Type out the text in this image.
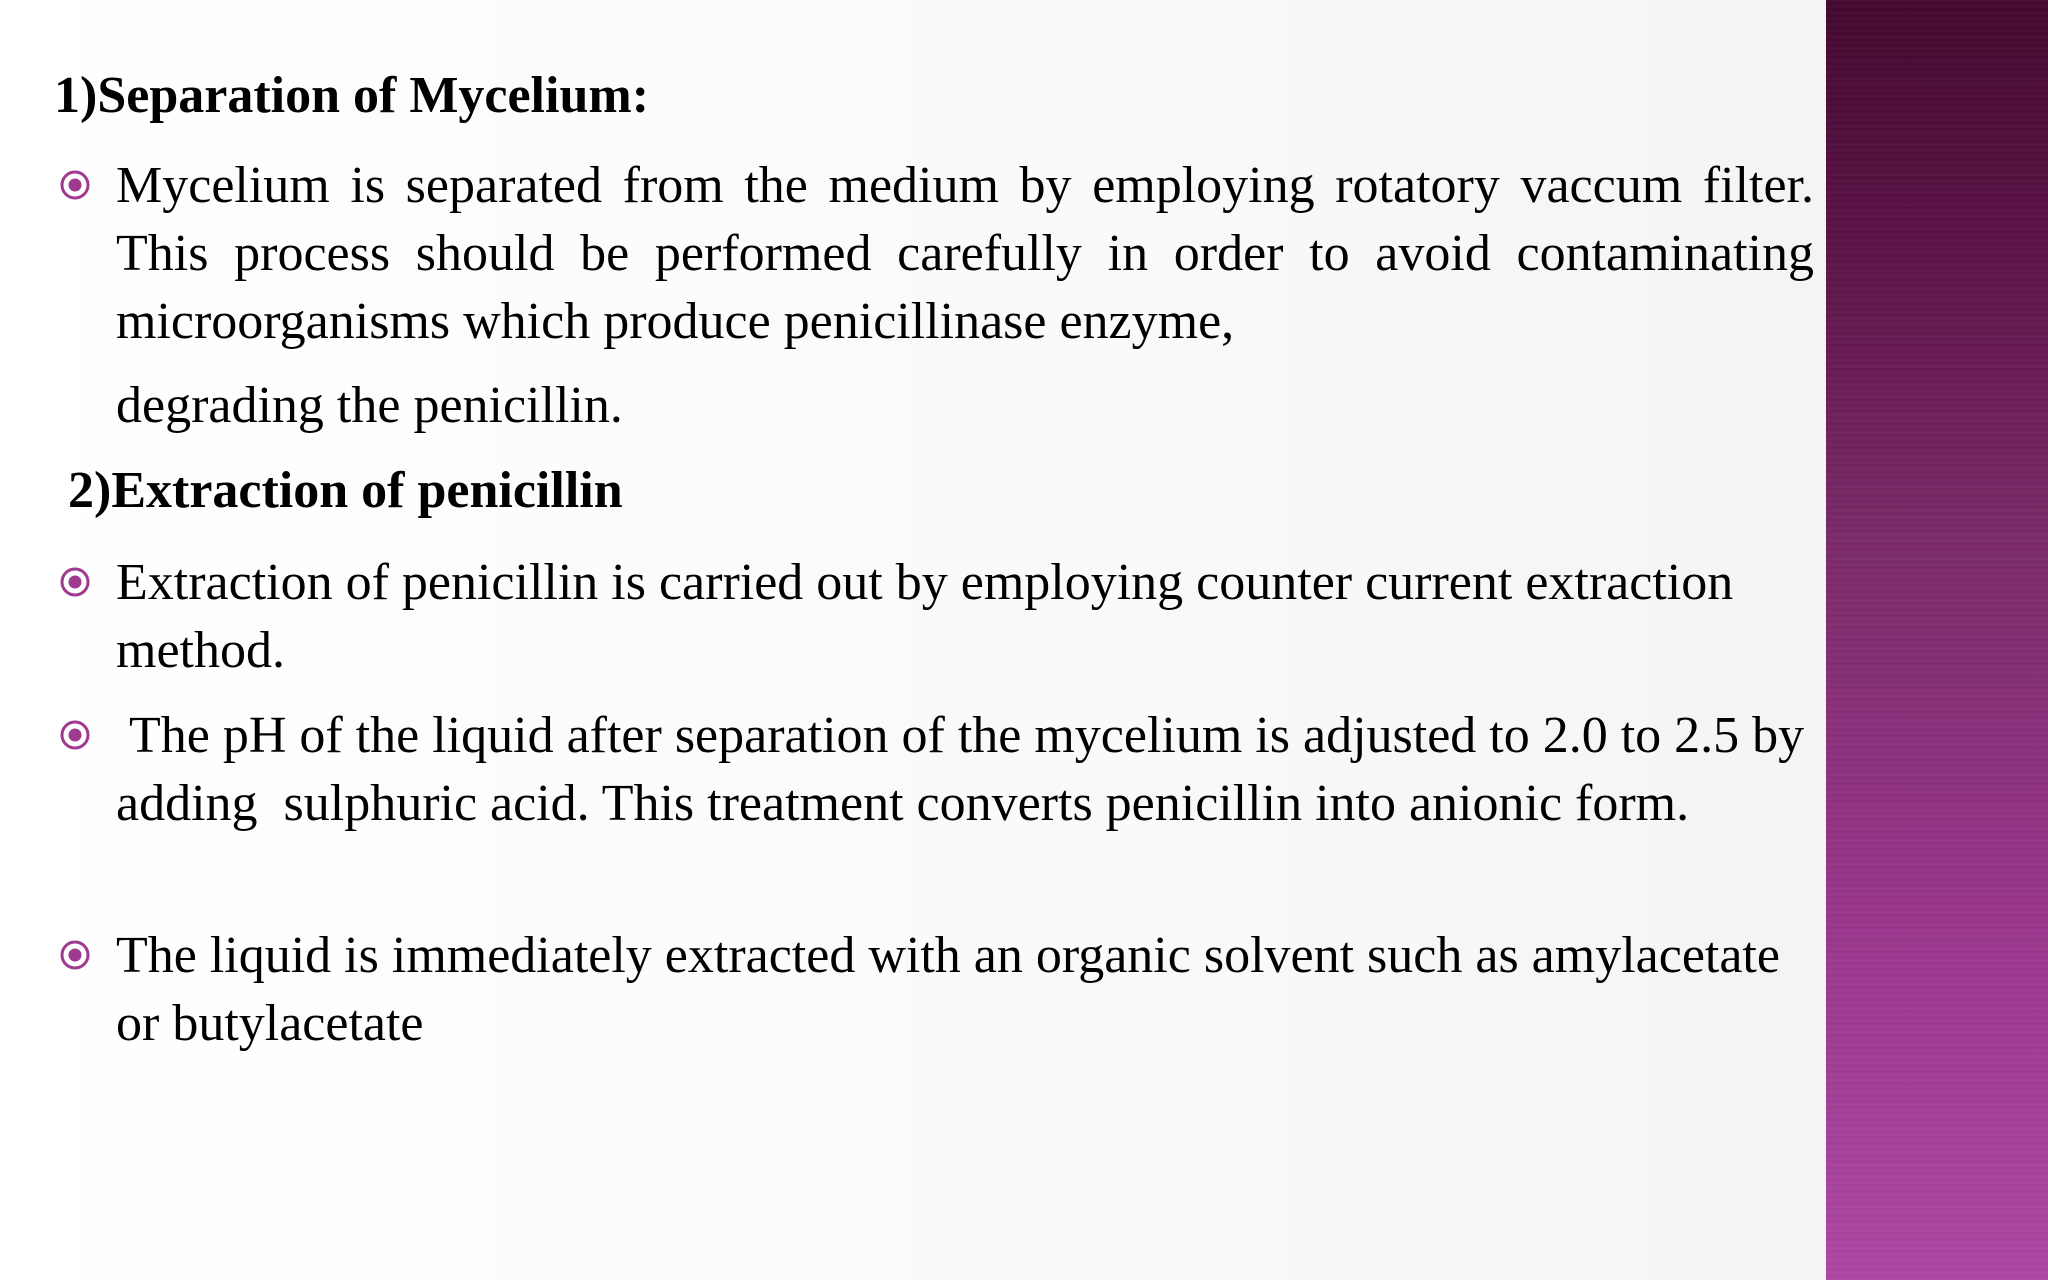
1)Separation of Mycelium:
Mycelium is separated from the medium by employing rotatory vaccum filter. This process should be performed carefully in order to avoid contaminating microorganisms which produce penicillinase enzyme,
degrading the penicillin.
2)Extraction of penicillin
Extraction of penicillin is carried out by employing counter current extraction method.
The pH of the liquid after separation of the mycelium is adjusted to 2.0 to 2.5 by adding  sulphuric acid. This treatment converts penicillin into anionic form.
The liquid is immediately extracted with an organic solvent such as amylacetate or butylacetate
